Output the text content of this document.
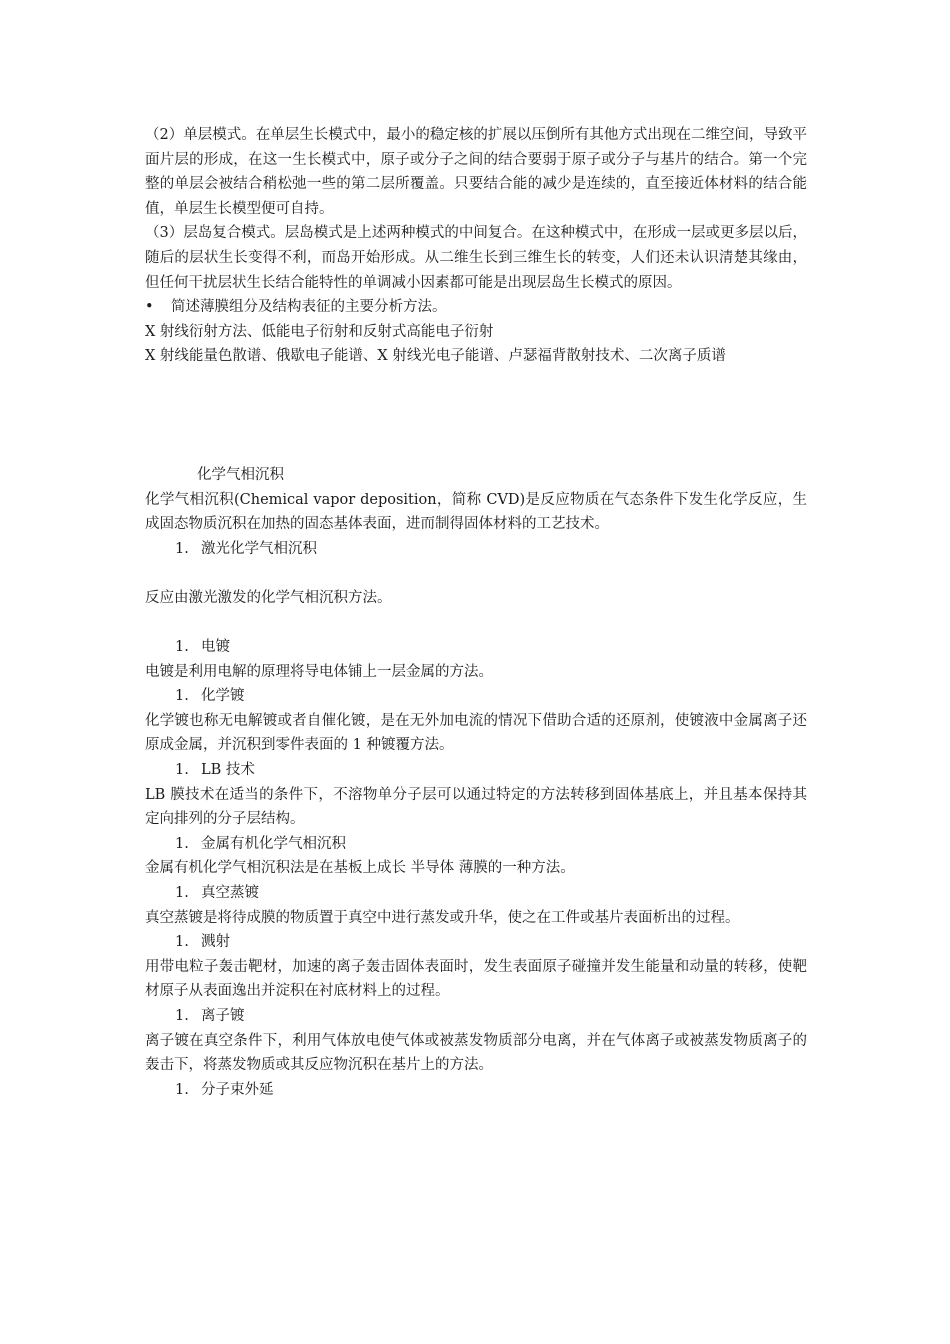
（2）单层模式。在单层生长模式中，最小的稳定核的扩展以压倒所有其他方式出现在二维空间，导致平面片层的形成，在这一生长模式中，原子或分子之间的结合要弱于原子或分子与基片的结合。第一个完整的单层会被结合稍松弛一些的第二层所覆盖。只要结合能的减少是连续的，直至接近体材料的结合能值，单层生长模型便可自持。

（3）层岛复合模式。层岛模式是上述两种模式的中间复合。在这种模式中，在形成一层或更多层以后，随后的层状生长变得不利，而岛开始形成。从二维生长到三维生长的转变，人们还未认识清楚其缘由，但任何干扰层状生长结合能特性的单调减小因素都可能是出现层岛生长模式的原因。

• 简述薄膜组分及结构表征的主要分析方法。

X 射线衍射方法、低能电子衍射和反射式高能电子衍射

X 射线能量色散谱、俄歇电子能谱、X 射线光电子能谱、卢瑟福背散射技术、二次离子质谱

化学气相沉积

化学气相沉积(Chemical vapor deposition，简称 CVD)是反应物质在气态条件下发生化学反应，生成固态物质沉积在加热的固态基体表面，进而制得固体材料的工艺技术。

1. 激光化学气相沉积

反应由激光激发的化学气相沉积方法。

1. 电镀

电镀是利用电解的原理将导电体铺上一层金属的方法。

1. 化学镀

化学镀也称无电解镀或者自催化镀，是在无外加电流的情况下借助合适的还原剂，使镀液中金属离子还原成金属，并沉积到零件表面的 1 种镀覆方法。

1. LB 技术

LB 膜技术在适当的条件下，不溶物单分子层可以通过特定的方法转移到固体基底上，并且基本保持其定向排列的分子层结构。

1. 金属有机化学气相沉积

金属有机化学气相沉积法是在基板上成长 半导体 薄膜的一种方法。

1. 真空蒸镀

真空蒸镀是将待成膜的物质置于真空中进行蒸发或升华，使之在工件或基片表面析出的过程。

1. 溅射

用带电粒子轰击靶材，加速的离子轰击固体表面时，发生表面原子碰撞并发生能量和动量的转移，使靶材原子从表面逸出并淀积在衬底材料上的过程。

1. 离子镀

离子镀在真空条件下，利用气体放电使气体或被蒸发物质部分电离，并在气体离子或被蒸发物质离子的轰击下，将蒸发物质或其反应物沉积在基片上的方法。

1. 分子束外延
